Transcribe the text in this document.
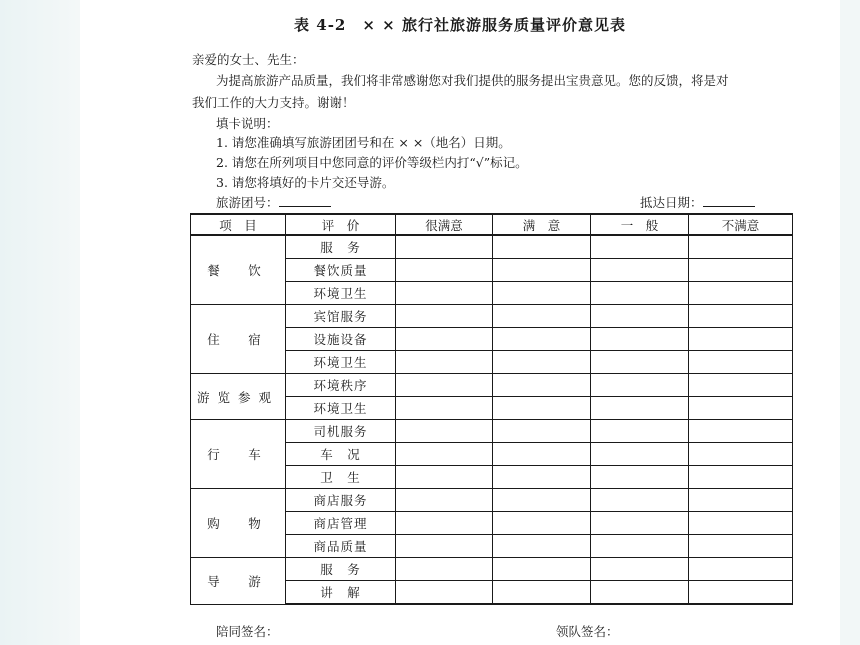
表 4-2　× × 旅行社旅游服务质量评价意见表
亲爱的女士、先生：
为提高旅游产品质量，我们将非常感谢您对我们提供的服务提出宝贵意见。您的反馈，将是对
我们工作的大力支持。谢谢！
填卡说明：
1. 请您准确填写旅游团团号和在 × ×（地名）日期。
2. 请您在所列项目中您同意的评价等级栏内打“√”标记。
3. 请您将填好的卡片交还导游。
旅游团号：	抵达日期：
项　目	评　价	很满意	满　意	一　般	不满意
餐　饮	服　务				
	餐饮质量				
	环境卫生				
住　宿	宾馆服务				
	设施设备				
	环境卫生				
游览参观	环境秩序				
	环境卫生				
行　车	司机服务				
	车　况				
	卫　生				
购　物	商店服务				
	商店管理				
	商品质量				
导　游	服　务				
	讲　解				
陪同签名：	领队签名：
